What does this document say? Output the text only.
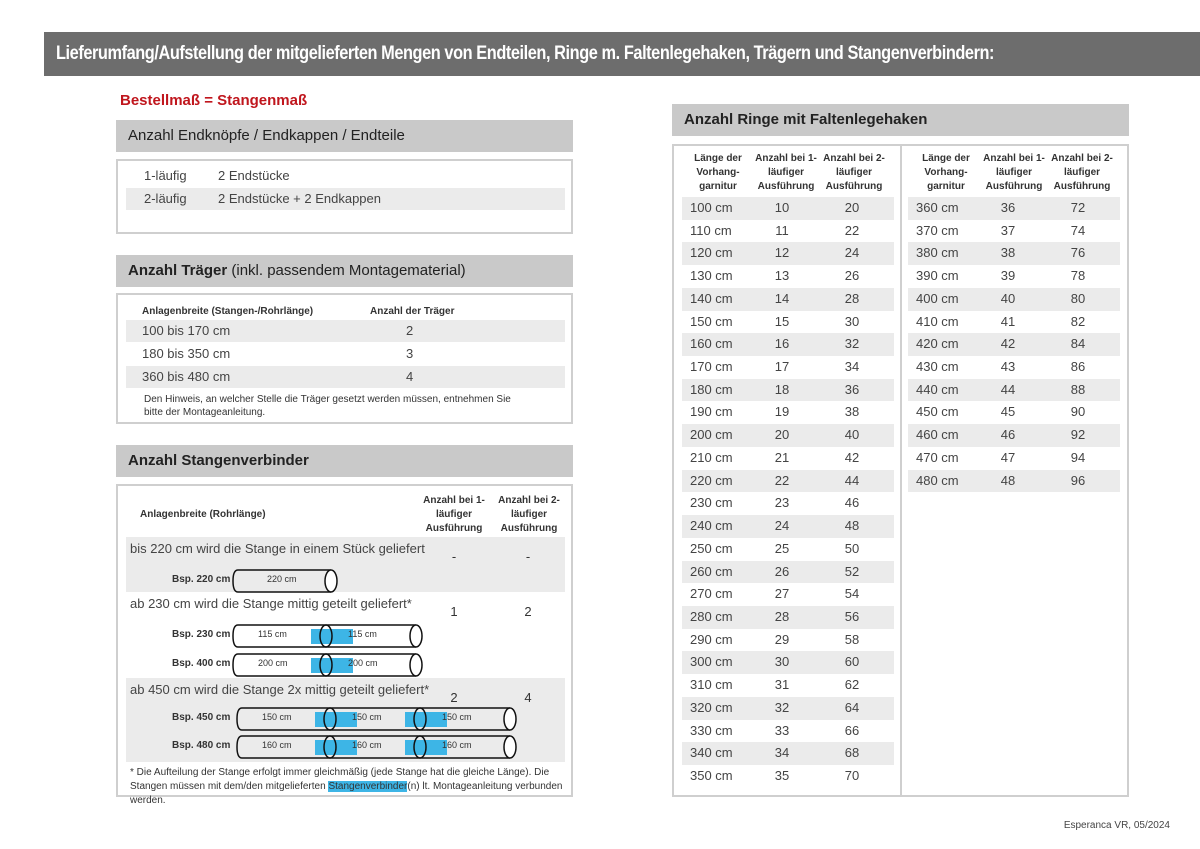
Lieferumfang/Aufstellung der mitgelieferten Mengen von Endteilen, Ringe m. Faltenlegehaken, Trägern und Stangenverbindern:
Bestellmaß = Stangenmaß
Anzahl Endknöpfe / Endkappen / Endteile
1-läufig 2 Endstücke
2-läufig 2 Endstücke + 2 Endkappen
Anzahl Träger (inkl. passendem Montagematerial)
Anlagenbreite (Stangen-/Rohrlänge)	Anzahl der Träger
100 bis 170 cm	2
180 bis 350 cm	3
360 bis 480 cm	4
Den Hinweis, an welcher Stelle die Träger gesetzt werden müssen, entnehmen Sie bitte der Montageanleitung.
Anzahl Stangenverbinder
Anlagenbreite (Rohrlänge)
Anzahl bei 1-läufiger Ausführung
Anzahl bei 2-läufiger Ausführung
bis 220 cm wird die Stange in einem Stück geliefert
-	-
Bsp. 220 cm	220 cm
ab 230 cm wird die Stange mittig geteilt geliefert*
1	2
Bsp. 230 cm	115 cm	115 cm
Bsp. 400 cm	200 cm	200 cm
ab 450 cm wird die Stange 2x mittig geteilt geliefert*
2	4
Bsp. 450 cm	150 cm	150 cm	150 cm
Bsp. 480 cm	160 cm	160 cm	160 cm
* Die Aufteilung der Stange erfolgt immer gleichmäßig (jede Stange hat die gleiche Länge). Die Stangen müssen mit dem/den mitgelieferten Stangenverbinder(n) lt. Montageanleitung verbunden werden.
Anzahl Ringe mit Faltenlegehaken
Länge der Vorhang-garnitur
Anzahl bei 1-läufiger Ausführung
Anzahl bei 2-läufiger Ausführung
Länge der Vorhang-garnitur
Anzahl bei 1-läufiger Ausführung
Anzahl bei 2-läufiger Ausführung
100 cm	10	20
110 cm	11	22
120 cm	12	24
130 cm	13	26
140 cm	14	28
150 cm	15	30
160 cm	16	32
170 cm	17	34
180 cm	18	36
190 cm	19	38
200 cm	20	40
210 cm	21	42
220 cm	22	44
230 cm	23	46
240 cm	24	48
250 cm	25	50
260 cm	26	52
270 cm	27	54
280 cm	28	56
290 cm	29	58
300 cm	30	60
310 cm	31	62
320 cm	32	64
330 cm	33	66
340 cm	34	68
350 cm	35	70
360 cm	36	72
370 cm	37	74
380 cm	38	76
390 cm	39	78
400 cm	40	80
410 cm	41	82
420 cm	42	84
430 cm	43	86
440 cm	44	88
450 cm	45	90
460 cm	46	92
470 cm	47	94
480 cm	48	96
Esperanca VR, 05/2024
